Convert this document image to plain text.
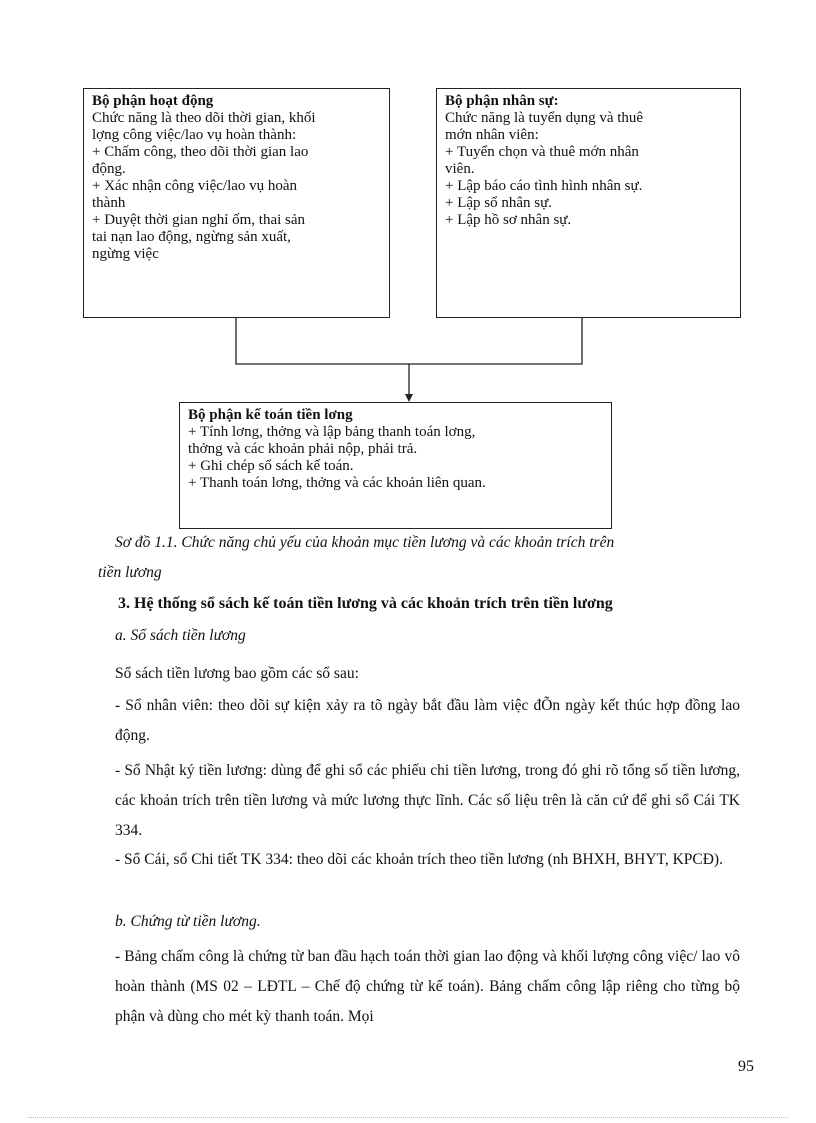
Bộ phận hoạt động
Chức năng là theo dõi thời gian, khối
lợng công việc/lao vụ hoàn thành:
+ Chấm công, theo dõi thời gian lao
động.
+ Xác nhận công việc/lao vụ hoàn
thành
+ Duyệt thời gian nghỉ ốm, thai sản
tai nạn lao động, ngừng sản xuất,
ngừng việc
Bộ phận nhân sự:
Chức năng là tuyển dụng và thuê
mớn nhân viên:
+ Tuyển chọn và thuê mớn nhân
viên.
+ Lập báo cáo tình hình nhân sự.
+ Lập sổ nhân sự.
+ Lập hồ sơ nhân sự.
Bộ phận kế toán tiền lơng
+ Tính lơng, thởng và lập bảng thanh toán lơng,
thởng và các khoản phải nộp, phải trả.
+ Ghi chép sổ sách kế toán.
+ Thanh toán lơng, thởng và các khoản liên quan.
Sơ đồ 1.1. Chức năng chủ yếu của khoản mục tiền lương và các khoản trích trên
tiền lương
3. Hệ thống sổ sách kế toán tiền lương và các khoản trích trên tiền lương
a. Sổ sách tiền lương
Sổ sách tiền lương bao gồm các sổ sau:
- Sổ nhân viên: theo dõi sự kiện xảy ra tõ ngày bắt đầu làm việc đÕn ngày kết thúc hợp đồng lao động.
- Sổ Nhật ký tiền lương: dùng để ghi sổ các phiếu chi tiền lương, trong đó ghi rõ tổng số tiền lương, các khoản trích trên tiền lương và mức lương thực lĩnh. Các số liệu trên là căn cứ để ghi sổ Cái TK 334.
- Sổ Cái, sổ Chi tiết TK 334: theo dõi các khoản trích theo tiền lương (nh BHXH, BHYT, KPCĐ).
b. Chứng từ tiền lương.
- Bảng chấm công là chứng từ ban đầu hạch toán thời gian lao động và khối lượng công việc/ lao vô hoàn thành (MS 02 – LĐTL – Chế độ chứng từ kế toán). Bảng chấm công lập riêng cho từng bộ phận và dùng cho mét kỳ thanh toán. Mọi
95
